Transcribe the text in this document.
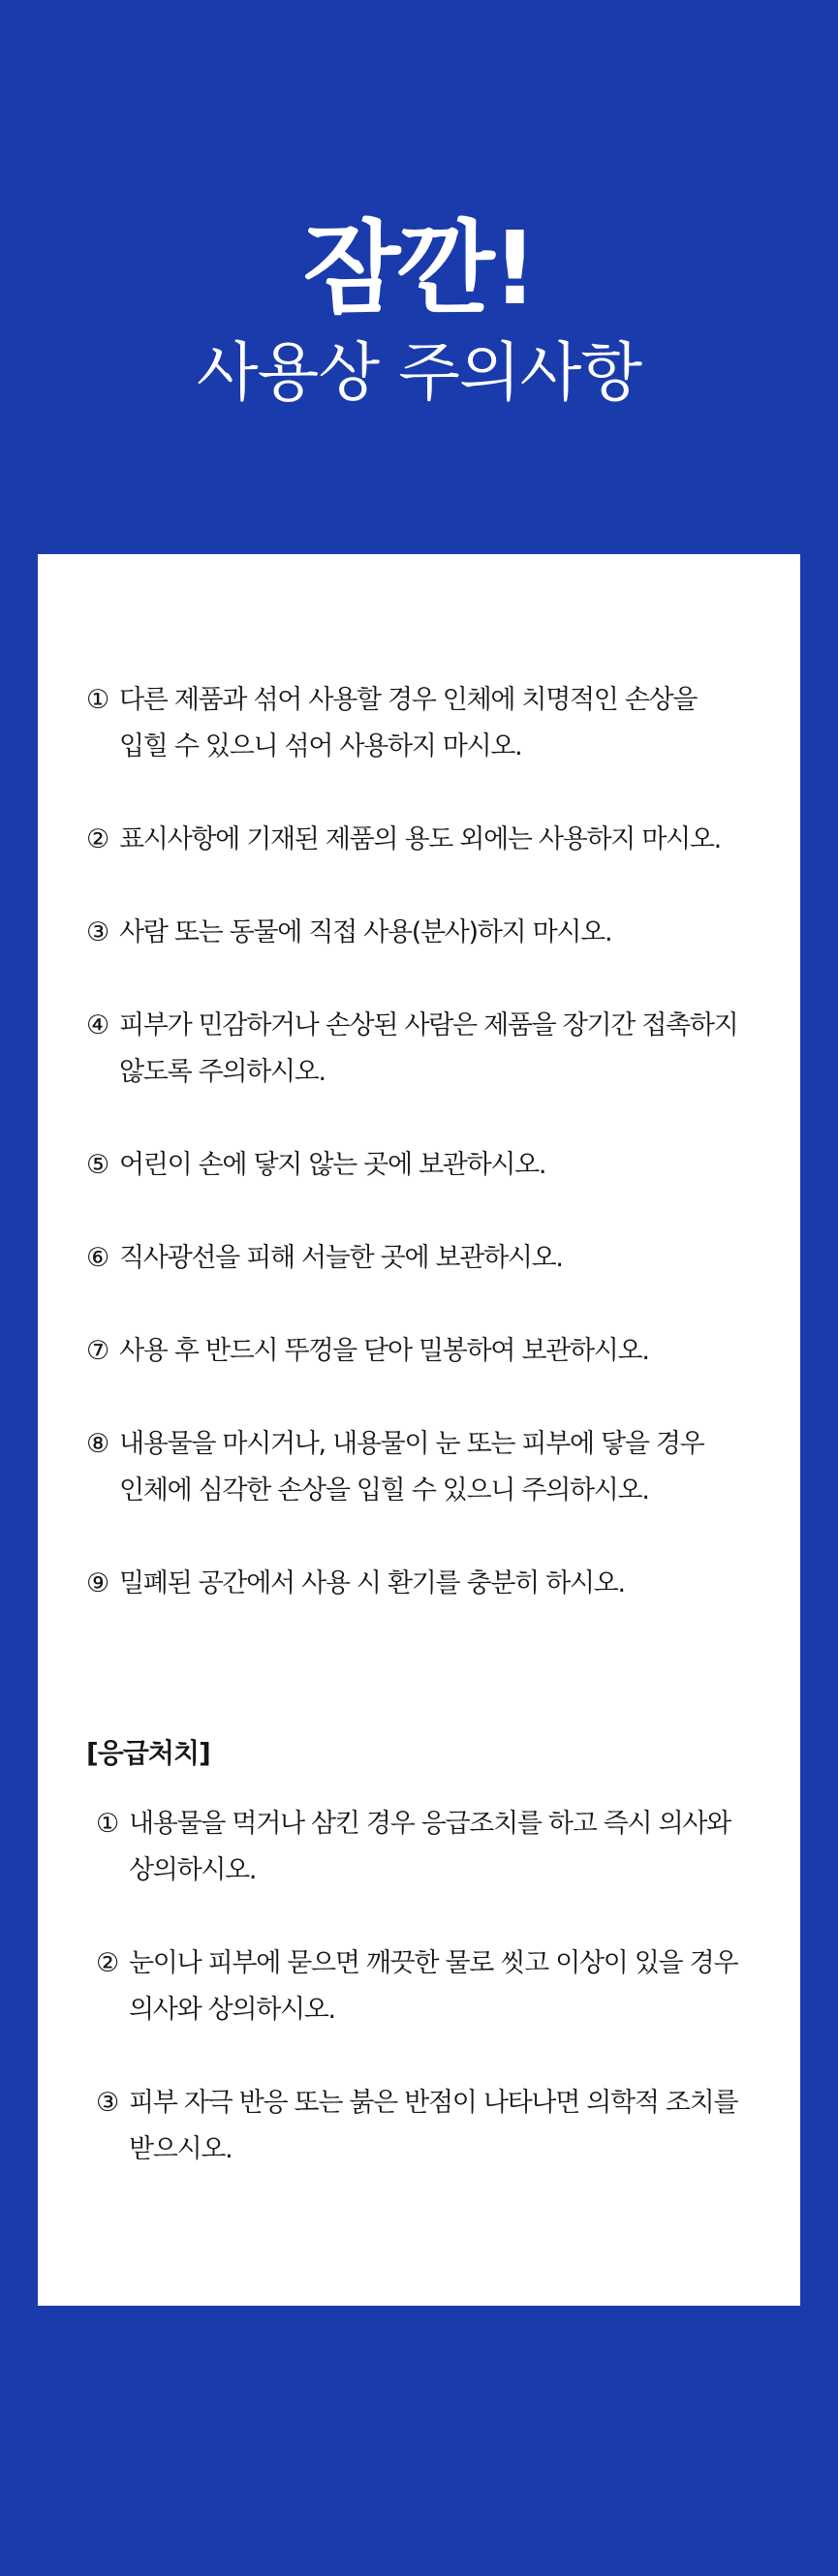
잠깐!
사용상 주의사항
① 다른 제품과 섞어 사용할 경우 인체에 치명적인 손상을
입힐 수 있으니 섞어 사용하지 마시오.
② 표시사항에 기재된 제품의 용도 외에는 사용하지 마시오.
③ 사람 또는 동물에 직접 사용(분사)하지 마시오.
④ 피부가 민감하거나 손상된 사람은 제품을 장기간 접촉하지
않도록 주의하시오.
⑤ 어린이 손에 닿지 않는 곳에 보관하시오.
⑥ 직사광선을 피해 서늘한 곳에 보관하시오.
⑦ 사용 후 반드시 뚜껑을 닫아 밀봉하여 보관하시오.
⑧ 내용물을 마시거나, 내용물이 눈 또는 피부에 닿을 경우
인체에 심각한 손상을 입힐 수 있으니 주의하시오.
⑨ 밀폐된 공간에서 사용 시 환기를 충분히 하시오.
[응급처치]
① 내용물을 먹거나 삼킨 경우 응급조치를 하고 즉시 의사와
상의하시오.
② 눈이나 피부에 묻으면 깨끗한 물로 씻고 이상이 있을 경우
의사와 상의하시오.
③ 피부 자극 반응 또는 붉은 반점이 나타나면 의학적 조치를
받으시오.
